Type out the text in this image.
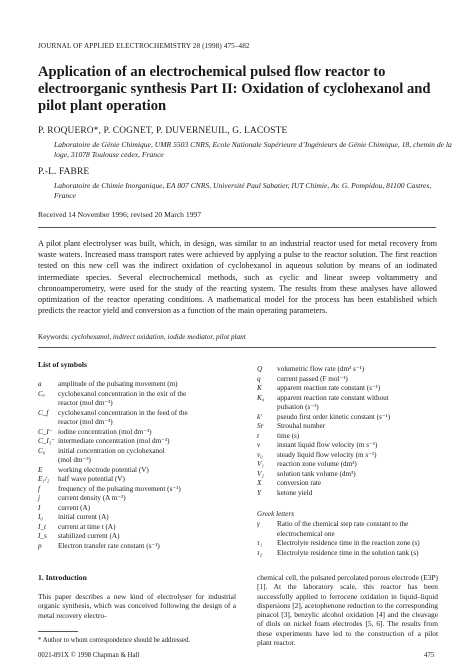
JOURNAL OF APPLIED ELECTROCHEMISTRY 28 (1998) 475–482
Application of an electrochemical pulsed flow reactor to electroorganic synthesis Part II: Oxidation of cyclohexanol and pilot plant operation
P. ROQUERO*, P. COGNET, P. DUVERNEUIL, G. LACOSTE
Laboratoire de Génie Chimique, UMR 5503 CNRS, Ecole Nationale Supérieure d’Ingénieurs de Génie Chimique, 18, chemin de la loge, 31078 Toulouse cedex, France
P.-L. FABRE
Laboratoire de Chimie Inorganique, EA 807 CNRS, Université Paul Sabatier, IUT Chimie, Av. G. Pompidou, 81100 Castres, France
Received 14 November 1996; revised 20 March 1997
A pilot plant electrolyser was built, which, in design, was similar to an industrial reactor used for metal recovery from waste waters. Increased mass transport rates were achieved by applying a pulse to the reactor solution. The first reaction tested on this new cell was the indirect oxidation of cyclohexanol in aqueous solution by means of an iodinated intermediate species. Several electrochemical methods, such as cyclic and linear sweep voltammetry and chronoamperometry, were used for the study of the reacting system. The results from these analyses have allowed optimization of the reactor operating conditions. A mathematical model for the process has been established which predicts the reactor yield and conversion as a function of the main operating parameters.
Keywords: cyclohexanol, indirect oxidation, iodide mediator, pilot plant
List of symbols
a	amplitude of the pulsating movement (m)
Cₐ	cyclohexanol concentration in the exit of the
reactor (mol dm⁻³)
C_f	cyclohexanol concentration in the feed of the
reactor (mol dm⁻³)
C_I⁻ iodine concentration (mol dm⁻³)
C_I₃⁻ intermediate concentration (mol dm⁻³)
C₀	initial concentration on cyclohexanol
(mol dm⁻³)
E	working electrode potential (V)
E₁/₂	half wave potential (V)
f	frequency of the pulsating movement (s⁻¹)
j	current density (A m⁻²)
I	current (A)
I₀	initial current (A)
I_t	current at time t (A)
I_s	stabilized current (A)
p	Electron transfer rate constant (s⁻¹)
Q	volumetric flow rate (dm³ s⁻¹)
q	current passed (F mol⁻¹)
K	apparent reaction rate constant (s⁻¹)
K₀	apparent reaction rate constant without
pulsation (s⁻¹)
k′	pseudo first order kinetic constant (s⁻¹)
Sr	Strouhal number
t	time (s)
v	instant liquid flow velocity (m s⁻¹)
v₀	steady liquid flow velocity (m s⁻¹)
V₁	reaction zone volume (dm³)
V₂	solution tank volume (dm³)
X	conversion rate
Y	ketone yield
Greek letters
γ	Ratio of the chemical step rate constant to the
electrochemical one
τ₁	Electrolyte residence time in the reaction zone (s)
τ₂	Electrolyte residence time in the solution tank (s)
1. Introduction
This paper describes a new kind of electrolyser for industrial organic synthesis, which was conceived following the design of a metal recovery electro-
chemical cell, the pulsated percolated porous electrode (E3P) [1]. At the laboratory scale, this reactor has been successfully applied to ferrocene oxidation in liquid–liquid dispersions [2], acetophenone reduction to the corresponding pinacol [3], benzylic alcohol oxidation [4] and the cleavage of diols on nickel foam electrodes [5, 6]. The results from these experiments have led to the construction of a pilot plant reactor.
* Author to whom correspondence should be addressed.
0021-891X © 1998 Chapman & Hall	475
